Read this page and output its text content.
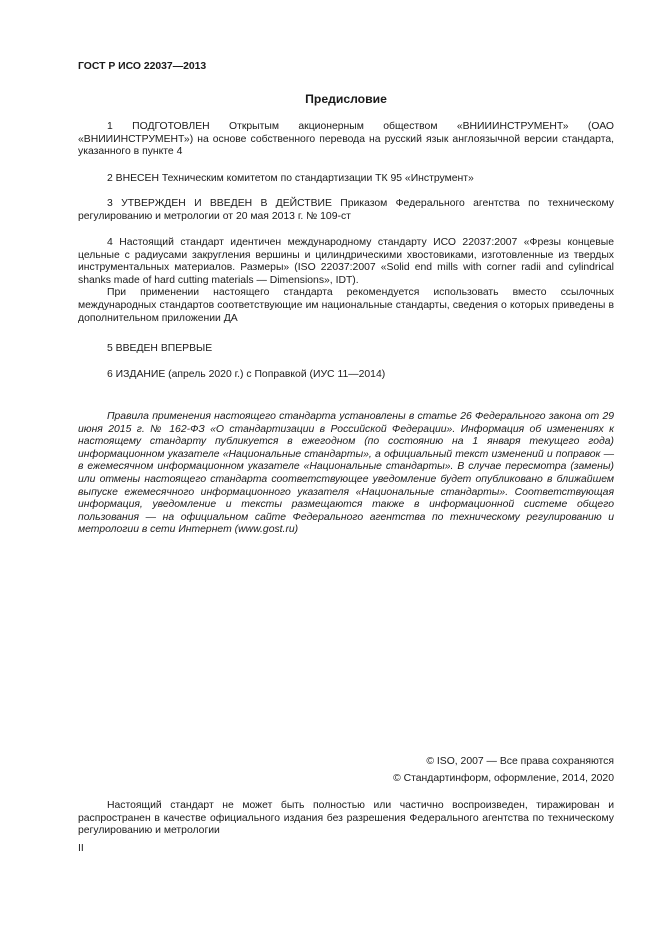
ГОСТ Р ИСО 22037—2013
Предисловие

1 ПОДГОТОВЛЕН Открытым акционерным обществом «ВНИИИНСТРУМЕНТ» (ОАО «ВНИИИНСТРУМЕНТ») на основе собственного перевода на русский язык англоязычной версии стандарта, указанного в пункте 4

2 ВНЕСЕН Техническим комитетом по стандартизации ТК 95 «Инструмент»

3 УТВЕРЖДЕН И ВВЕДЕН В ДЕЙСТВИЕ Приказом Федерального агентства по техническому регулированию и метрологии от 20 мая 2013 г. № 109-ст

4 Настоящий стандарт идентичен международному стандарту ИСО 22037:2007 «Фрезы концевые цельные с радиусами закругления вершины и цилиндрическими хвостовиками, изготовленные из твердых инструментальных материалов. Размеры» (ISO 22037:2007 «Solid end mills with corner radii and cylindrical shanks made of hard cutting materials — Dimensions», IDT).

При применении настоящего стандарта рекомендуется использовать вместо ссылочных международных стандартов соответствующие им национальные стандарты, сведения о которых приведены в дополнительном приложении ДА

5 ВВЕДЕН ВПЕРВЫЕ

6 ИЗДАНИЕ (апрель 2020 г.) с Поправкой (ИУС 11—2014)

Правила применения настоящего стандарта установлены в статье 26 Федерального закона от 29 июня 2015 г. № 162-ФЗ «О стандартизации в Российской Федерации». Информация об изменениях к настоящему стандарту публикуется в ежегодном (по состоянию на 1 января текущего года) информационном указателе «Национальные стандарты», а официальный текст изменений и поправок — в ежемесячном информационном указателе «Национальные стандарты». В случае пересмотра (замены) или отмены настоящего стандарта соответствующее уведомление будет опубликовано в ближайшем выпуске ежемесячного информационного указателя «Национальные стандарты». Соответствующая информация, уведомление и тексты размещаются также в информационной системе общего пользования — на официальном сайте Федерального агентства по техническому регулированию и метрологии в сети Интернет (www.gost.ru)

© ISO, 2007 — Все права сохраняются
© Стандартинформ, оформление, 2014, 2020

Настоящий стандарт не может быть полностью или частично воспроизведен, тиражирован и распространен в качестве официального издания без разрешения Федерального агентства по техническому регулированию и метрологии

II
